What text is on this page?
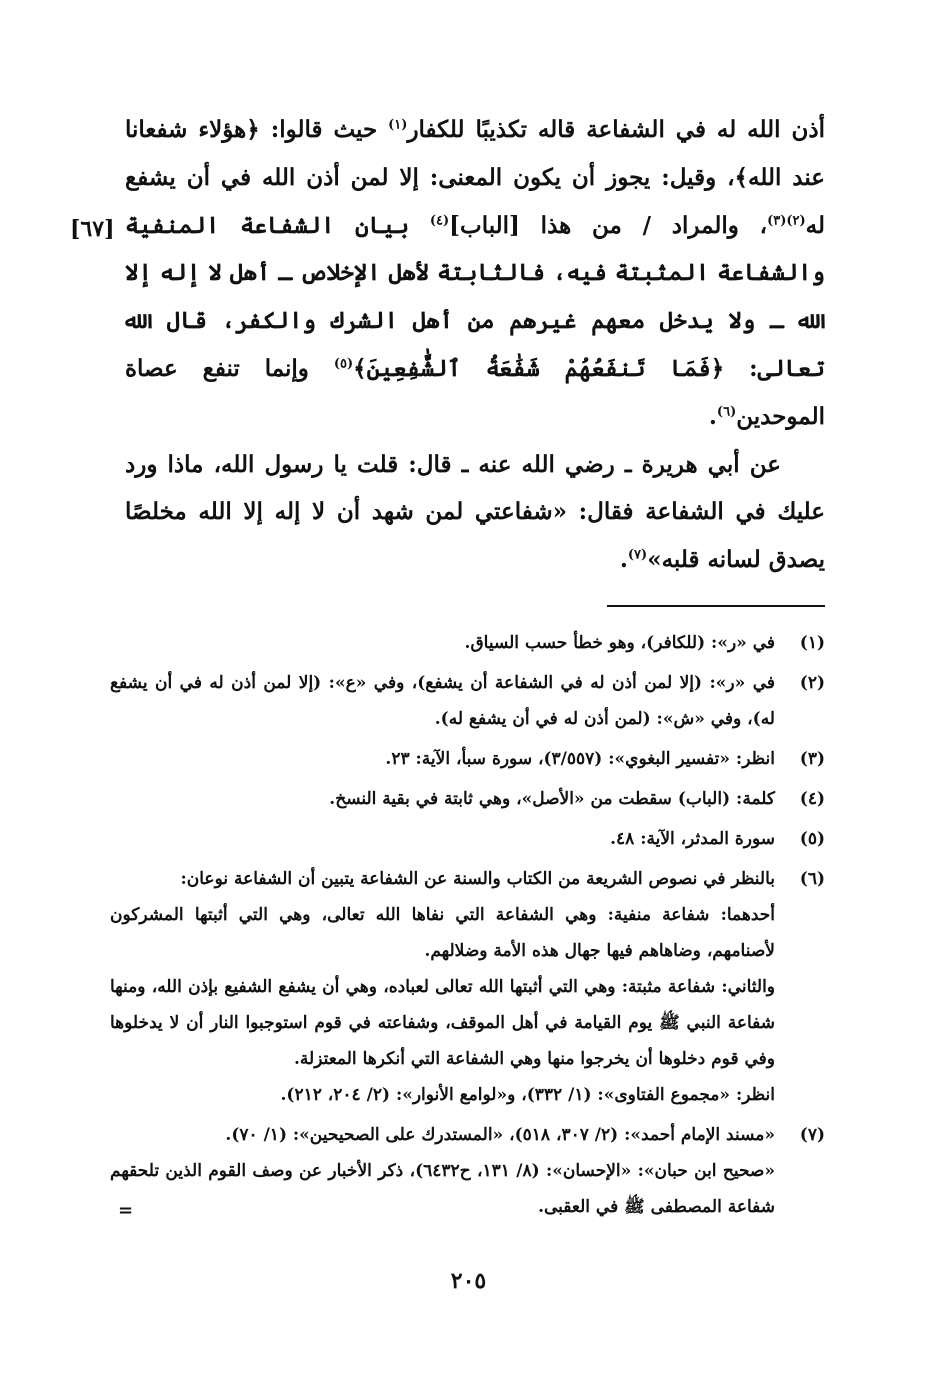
[٦٧]

أذن الله له في الشفاعة قاله تكذيبًا للكفار$^{(١)}$ حيث قالوا: ﴿هؤلاء شفعانا عند الله﴾، وقيل: يجوز أن يكون المعنى: إلا لمن أذن الله في أن يشفع له$^{(٢)(٣)}$، والمراد / من هذا [الباب]$^{(٤)}$ بيان الشفاعة المنفية والشفاعة المثبتة فيه، فالثابتة لأهل الإخلاص ـ أهل لا إله إلا الله ـ ولا يدخل معهم غيرهم من أهل الشرك والكفر، قال الله تعالى: ﴿فَمَا تَنفَعُهُمْ شَفَٰعَةُ ٱلشَّٰفِعِينَ﴾$^{(٥)}$ وإنما تنفع عصاة الموحدين$^{(٦)}$.

عن أبي هريرة ـ رضي الله عنه ـ قال: قلت يا رسول الله، ماذا ورد عليك في الشفاعة فقال: «شفاعتي لمن شهد أن لا إله إلا الله مخلصًا يصدق لسانه قلبه»$^{(٧)}$.

(١)
في «ر»: (للكافر)، وهو خطأ حسب السياق.
(٢)
في «ر»: (إلا لمن أذن له في الشفاعة أن يشفع)، وفي «ع»: (إلا لمن أذن له في أن يشفع له)، وفي «ش»: (لمن أذن له في أن يشفع له).
(٣)
انظر: «تفسير البغوي»: (٣/٥٥٧)، سورة سبأ، الآية: ٢٣.
(٤)
كلمة: (الباب) سقطت من «الأصل»، وهي ثابتة في بقية النسخ.
(٥)
سورة المدثر، الآية: ٤٨.
(٦)
بالنظر في نصوص الشريعة من الكتاب والسنة عن الشفاعة يتبين أن الشفاعة نوعان:
أحدهما: شفاعة منفية: وهي الشفاعة التي نفاها الله تعالى، وهي التي أثبتها المشركون لأصنامهم، وضاهاهم فيها جهال هذه الأمة وضلالهم.
والثاني: شفاعة مثبتة: وهي التي أثبتها الله تعالى لعباده، وهي أن يشفع الشفيع بإذن الله، ومنها شفاعة النبي ﷺ يوم القيامة في أهل الموقف، وشفاعته في قوم استوجبوا النار أن لا يدخلوها وفي قوم دخلوها أن يخرجوا منها وهي الشفاعة التي أنكرها المعتزلة.
انظر: «مجموع الفتاوى»: (١/ ٣٣٢)، و«لوامع الأنوار»: (٢/ ٢٠٤، ٢١٢).
(٧)
«مسند الإمام أحمد»: (٢/ ٣٠٧، ٥١٨)، «المستدرك على الصحيحين»: (١/ ٧٠).
«صحيح ابن حبان»: «الإحسان»: (٨/ ١٣١، ح٦٤٣٢)، ذكر الأخبار عن وصف القوم الذين تلحقهم شفاعة المصطفى ﷺ في العقبى.
=
٢٠٥
